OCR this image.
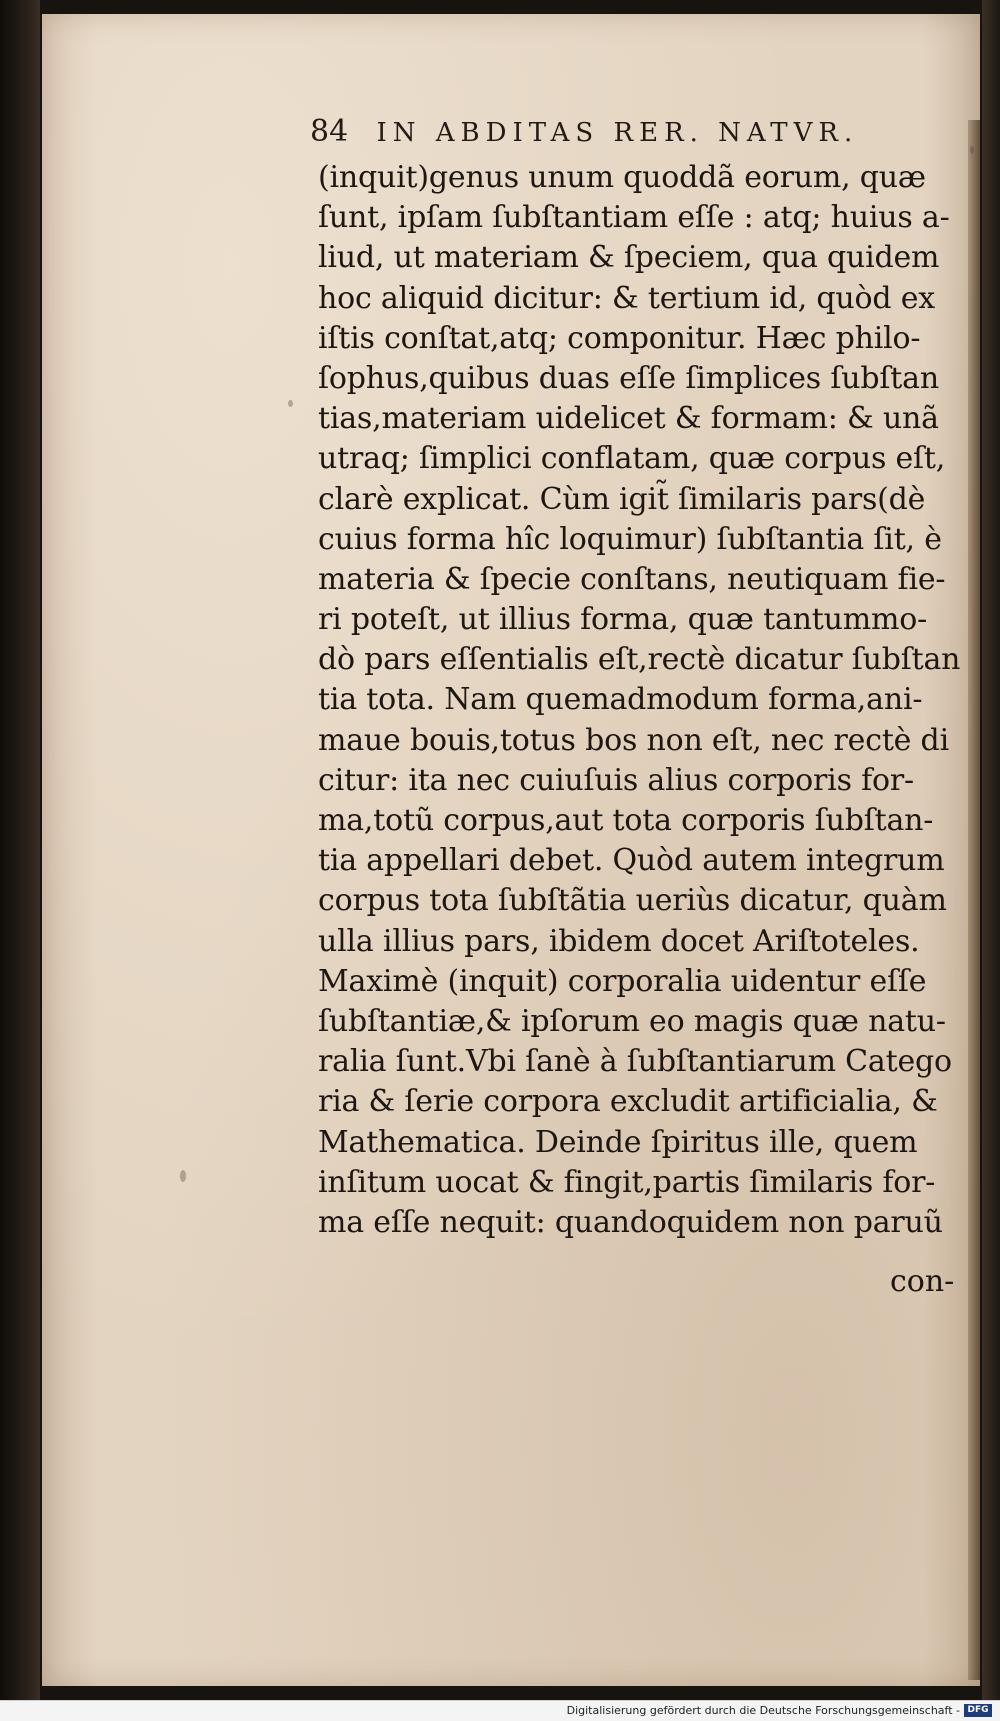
84 IN ABDITAS RER. NATVR.
(inquit)genus unum quoddã eorum, quæ
ſunt, ipſam ſubſtantiam eſſe : atq; huius a-
liud, ut materiam & ſpeciem, qua quidem
hoc aliquid dicitur: & tertium id, quòd ex
iſtis conſtat,atq; componitur. Hæc philo-
ſophus,quibus duas eſſe ſimplices ſubſtan
tias,materiam uidelicet & formam: & unã
utraq; ſimplici conflatam, quæ corpus eſt,
clarè explicat. Cùm igit̃ ſimilaris pars(dè
cuius forma hîc loquimur) ſubſtantia ſit, è
materia & ſpecie conſtans, neutiquam fie-
ri poteſt, ut illius forma, quæ tantummo-
dò pars eſſentialis eſt,rectè dicatur ſubſtan
tia tota. Nam quemadmodum forma,ani-
maue bouis,totus bos non eſt, nec rectè di
citur: ita nec cuiuſuis alius corporis for-
ma,totũ corpus,aut tota corporis ſubſtan-
tia appellari debet. Quòd autem integrum
corpus tota ſubſtãtia ueriùs dicatur, quàm
ulla illius pars, ibidem docet Ariſtoteles.
Maximè (inquit) corporalia uidentur eſſe
ſubſtantiæ,& ipſorum eo magis quæ natu-
ralia ſunt.Vbi ſanè à ſubſtantiarum Catego
ria & ſerie corpora excludit artificialia, &
Mathematica. Deinde ſpiritus ille, quem
inſitum uocat & fingit,partis ſimilaris for-
ma eſſe nequit: quandoquidem non paruũ
con-
Digitalisierung gefördert durch die Deutsche Forschungsgemeinschaft - DFG
